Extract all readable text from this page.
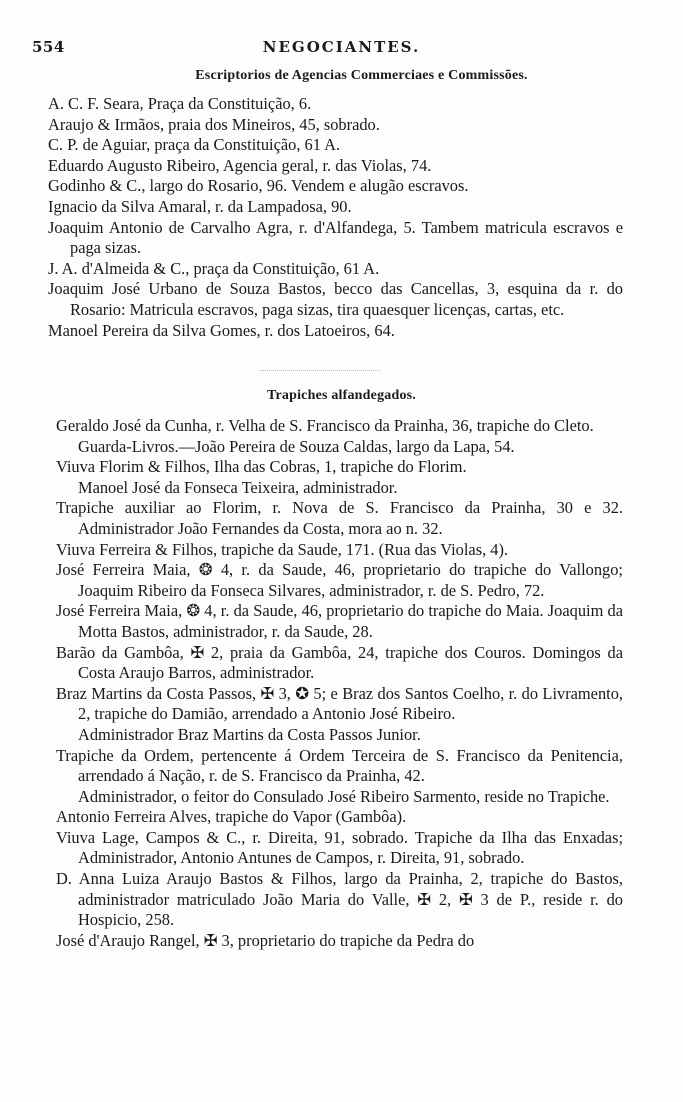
554	NEGOCIANTES.

Escriptorios de Agencias Commerciaes e Commissões.

A. C. F. Seara, Praça da Constituição, 6.
Araujo & Irmãos, praia dos Mineiros, 45, sobrado.
C. P. de Aguiar, praça da Constituição, 61 A.
Eduardo Augusto Ribeiro, Agencia geral, r. das Violas, 74.
Godinho & C., largo do Rosario, 96. Vendem e alugão escravos.
Ignacio da Silva Amaral, r. da Lampadosa, 90.
Joaquim Antonio de Carvalho Agra, r. d'Alfandega, 5. Tambem matricula escravos e paga sizas.
J. A. d'Almeida & C., praça da Constituição, 61 A.
Joaquim José Urbano de Souza Bastos, becco das Cancellas, 3, esquina da r. do Rosario: Matricula escravos, paga sizas, tira quaesquer licenças, cartas, etc.
Manoel Pereira da Silva Gomes, r. dos Latoeiros, 64.

Trapiches alfandegados.

Geraldo José da Cunha, r. Velha de S. Francisco da Prainha, 36, trapiche do Cleto.
Guarda-Livros.—João Pereira de Souza Caldas, largo da Lapa, 54.
Viuva Florim & Filhos, Ilha das Cobras, 1, trapiche do Florim.
Manoel José da Fonseca Teixeira, administrador.
Trapiche auxiliar ao Florim, r. Nova de S. Francisco da Prainha, 30 e 32. Administrador João Fernandes da Costa, mora ao n. 32.
Viuva Ferreira & Filhos, trapiche da Saude, 171. (Rua das Violas, 4).
José Ferreira Maia, ❂ 4, r. da Saude, 46, proprietario do trapiche do Vallongo; Joaquim Ribeiro da Fonseca Silvares, administrador, r. de S. Pedro, 72.
José Ferreira Maia, ❂ 4, r. da Saude, 46, proprietario do trapiche do Maia. Joaquim da Motta Bastos, administrador, r. da Saude, 28.
Barão da Gambôa, ✠ 2, praia da Gambôa, 24, trapiche dos Couros. Domingos da Costa Araujo Barros, administrador.
Braz Martins da Costa Passos, ✠ 3, ✪ 5; e Braz dos Santos Coelho, r. do Livramento, 2, trapiche do Damião, arrendado a Antonio José Ribeiro.
Administrador Braz Martins da Costa Passos Junior.
Trapiche da Ordem, pertencente á Ordem Terceira de S. Francisco da Penitencia, arrendado á Nação, r. de S. Francisco da Prainha, 42.
Administrador, o feitor do Consulado José Ribeiro Sarmento, reside no Trapiche.
Antonio Ferreira Alves, trapiche do Vapor (Gambôa).
Viuva Lage, Campos & C., r. Direita, 91, sobrado. Trapiche da Ilha das Enxadas; Administrador, Antonio Antunes de Campos, r. Direita, 91, sobrado.
D. Anna Luiza Araujo Bastos & Filhos, largo da Prainha, 2, trapiche do Bastos, administrador matriculado João Maria do Valle, ✠ 2, ✠ 3 de P., reside r. do Hospicio, 258.
José d'Araujo Rangel, ✠ 3, proprietario do trapiche da Pedra do
